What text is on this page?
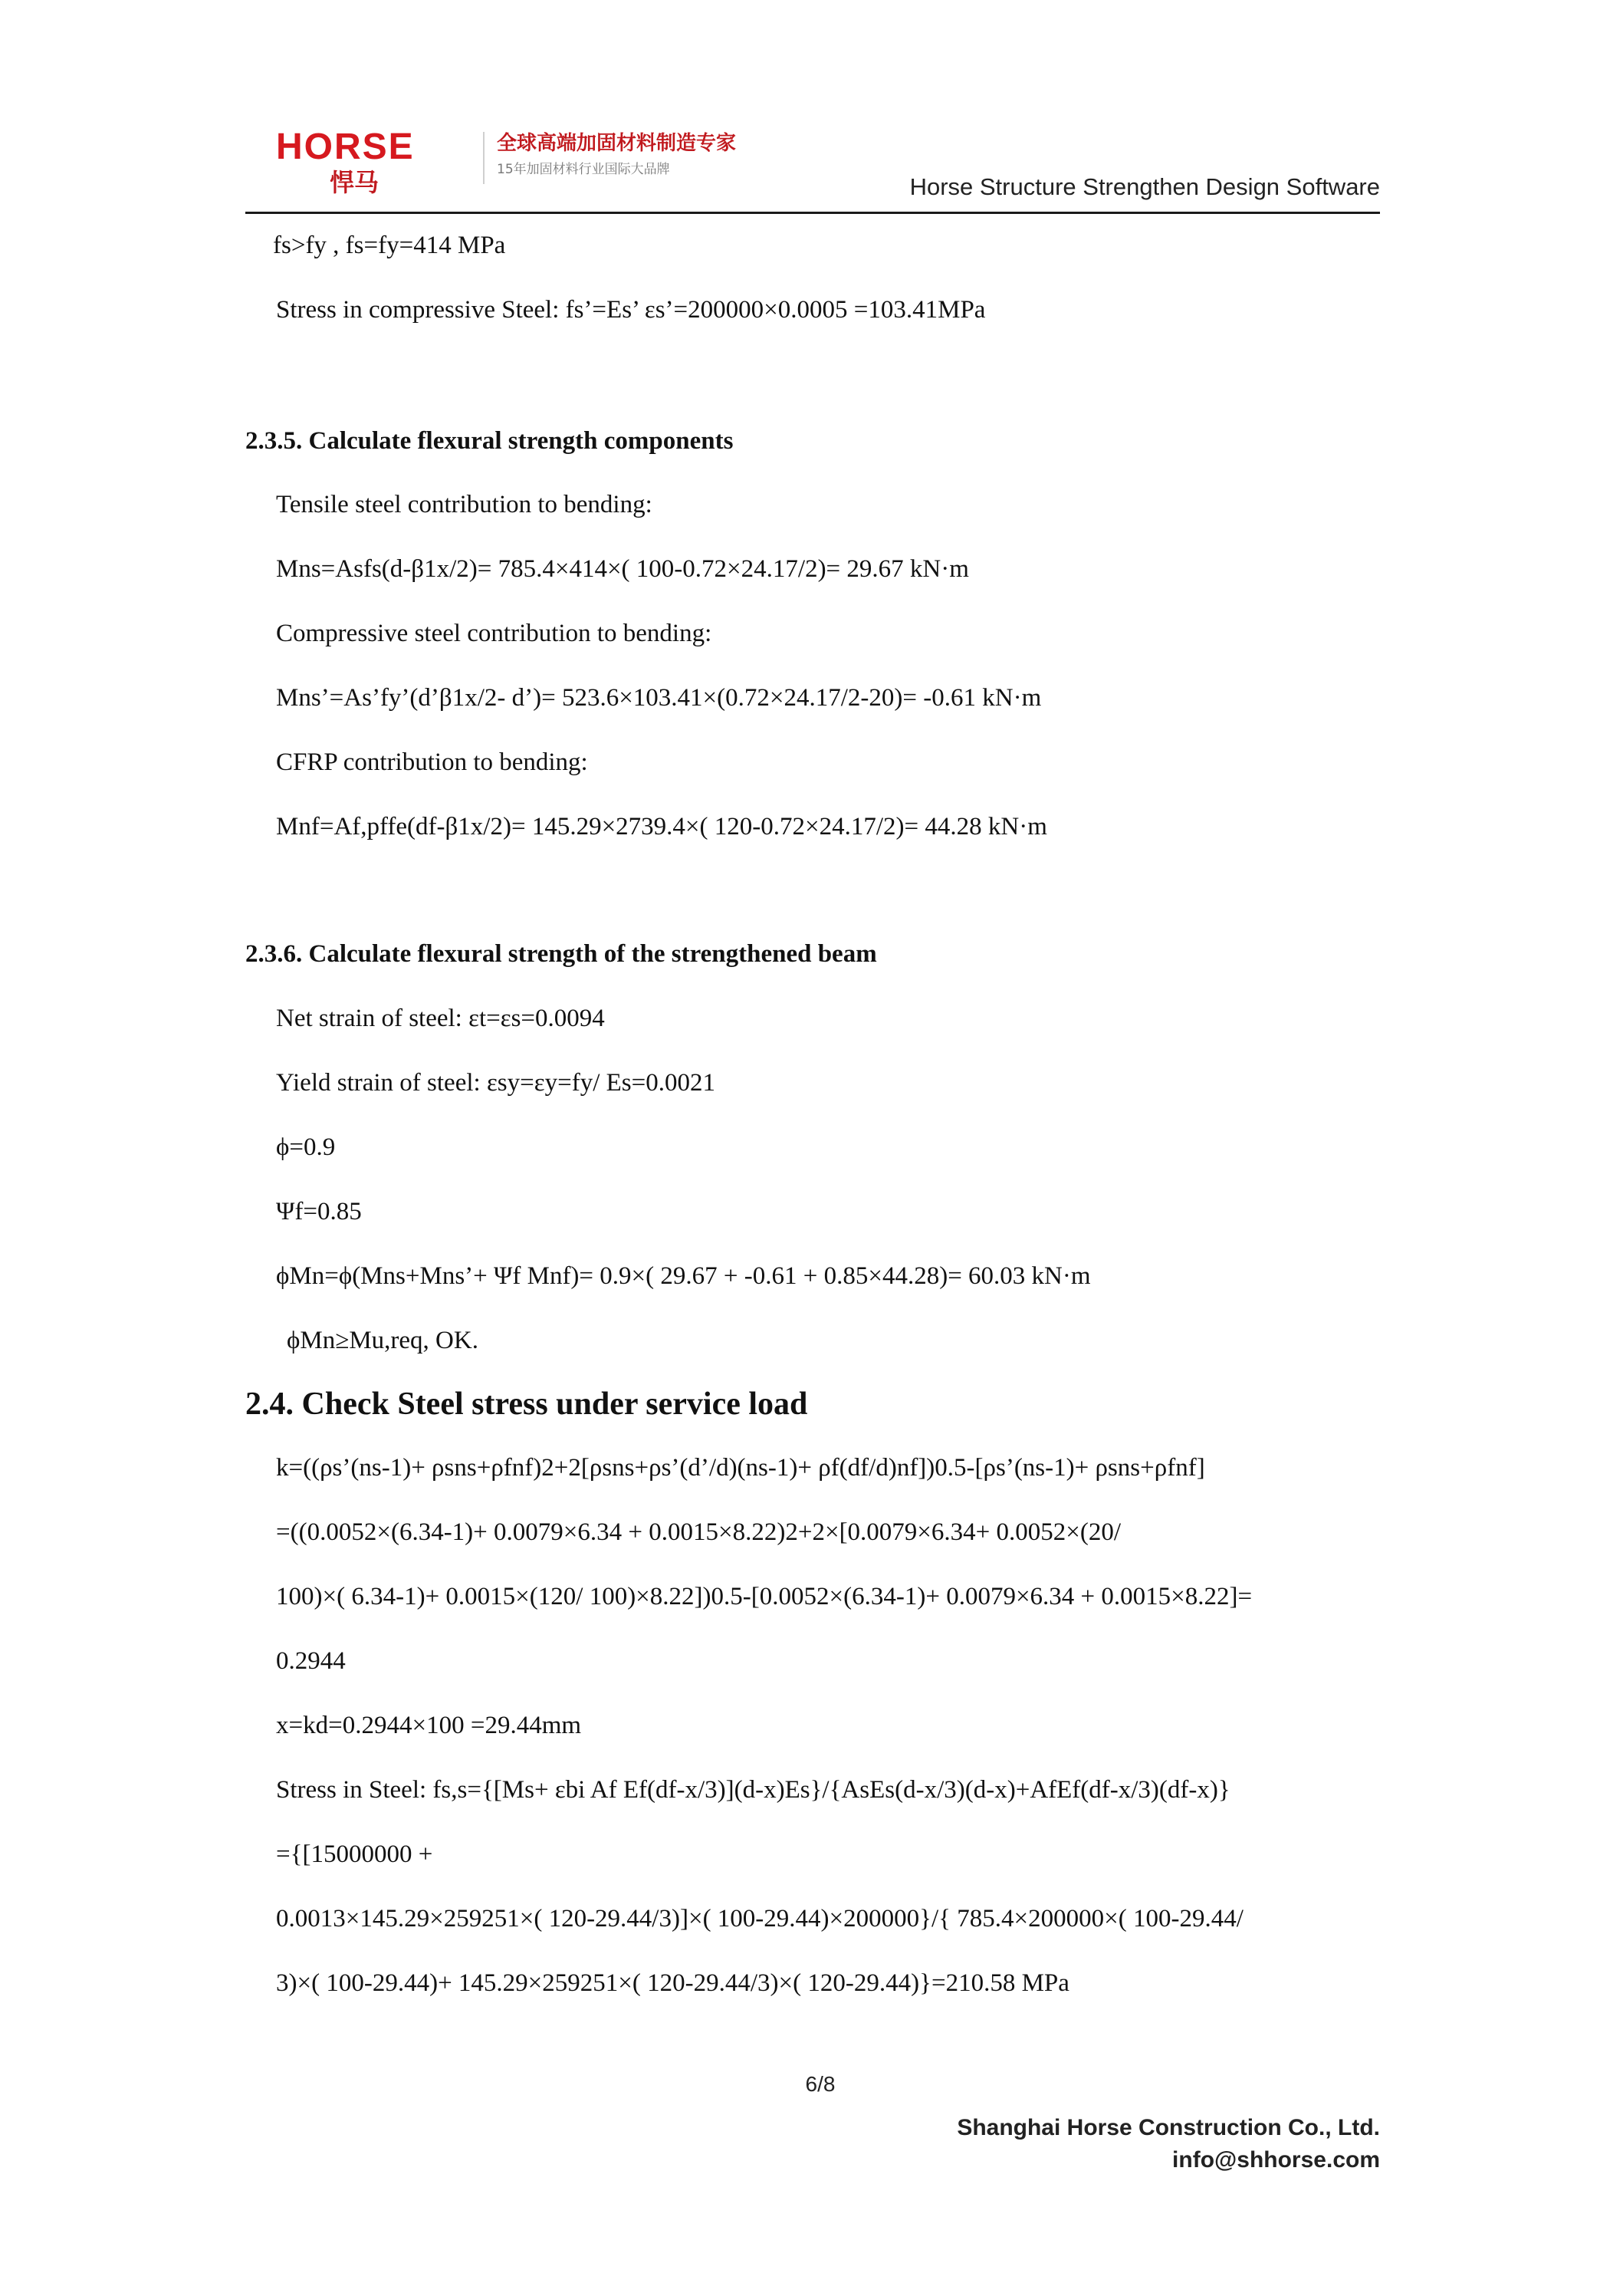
HORSE
悍马
全球高端加固材料制造专家
15年加固材料行业国际大品牌
Horse Structure Strengthen Design Software
fs>fy , fs=fy=414 MPa
Stress in compressive Steel: fs’=Es’ εs’=200000×0.0005 =103.41MPa
2.3.5. Calculate flexural strength components
Tensile steel contribution to bending:
Mns=Asfs(d-β1x/2)= 785.4×414×( 100-0.72×24.17/2)= 29.67 kN·m
Compressive steel contribution to bending:
Mns’=As’fy’(d’β1x/2- d’)= 523.6×103.41×(0.72×24.17/2-20)= -0.61 kN·m
CFRP contribution to bending:
Mnf=Af,pffe(df-β1x/2)= 145.29×2739.4×( 120-0.72×24.17/2)= 44.28 kN·m
2.3.6. Calculate flexural strength of the strengthened beam
Net strain of steel: εt=εs=0.0094
Yield strain of steel: εsy=εy=fy/ Es=0.0021
ϕ=0.9
Ψf=0.85
ϕMn=ϕ(Mns+Mns’+ Ψf Mnf)= 0.9×( 29.67 + -0.61 + 0.85×44.28)= 60.03 kN·m
ϕMn≥Mu,req, OK.
2.4. Check Steel stress under service load
k=((ρs’(ns-1)+ ρsns+ρfnf)2+2[ρsns+ρs’(d’/d)(ns-1)+ ρf(df/d)nf])0.5-[ρs’(ns-1)+ ρsns+ρfnf]
=((0.0052×(6.34-1)+ 0.0079×6.34 + 0.0015×8.22)2+2×[0.0079×6.34+ 0.0052×(20/
100)×( 6.34-1)+ 0.0015×(120/ 100)×8.22])0.5-[0.0052×(6.34-1)+ 0.0079×6.34 + 0.0015×8.22]=
0.2944
x=kd=0.2944×100 =29.44mm
Stress in Steel: fs,s={[Ms+ εbi Af Ef(df-x/3)](d-x)Es}/{AsEs(d-x/3)(d-x)+AfEf(df-x/3)(df-x)}
={[15000000 +
0.0013×145.29×259251×( 120-29.44/3)]×( 100-29.44)×200000}/{ 785.4×200000×( 100-29.44/
3)×( 100-29.44)+ 145.29×259251×( 120-29.44/3)×( 120-29.44)}=210.58 MPa
6/8
Shanghai Horse Construction Co., Ltd.
info@shhorse.com
